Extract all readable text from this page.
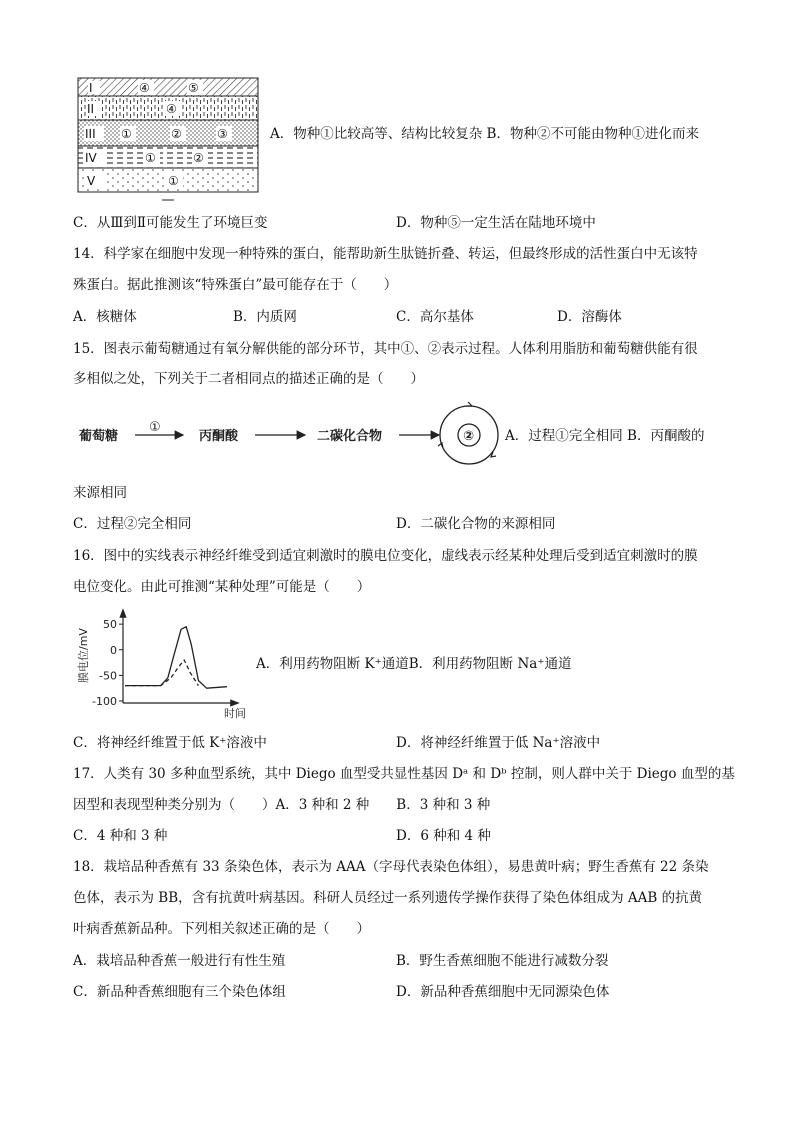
I	④	⑤
II	④
III ①	②	③
IV	①	②
V	①
A．物种①比较高等、结构比较复杂 B．物种②不可能由物种①进化而来
C．从Ⅲ到Ⅱ可能发生了环境巨变	D．物种⑤一定生活在陆地环境中
14．科学家在细胞中发现一种特殊的蛋白，能帮助新生肽链折叠、转运，但最终形成的活性蛋白中无该特
殊蛋白。据此推测该“特殊蛋白”最可能存在于（　　）
A．核糖体	B．内质网	C．高尔基体	D．溶酶体
15．图表示葡萄糖通过有氧分解供能的部分环节，其中①、②表示过程。人体利用脂肪和葡萄糖供能有很
多相似之处，下列关于二者相同点的描述正确的是（　　）
葡萄糖
①
丙酮酸	二碳化合物	② A．过程①完全相同 B．丙酮酸的
来源相同
C．过程②完全相同	D．二碳化合物的来源相同
16．图中的实线表示神经纤维受到适宜刺激时的膜电位变化，虚线表示经某种处理后受到适宜刺激时的膜
电位变化。由此可推测“某种处理”可能是（　　）
膜电位/mV
时间
50
0
-50
-100
A．利用药物阻断 K⁺通道B．利用药物阻断 Na⁺通道
C．将神经纤维置于低 K⁺溶液中	D．将神经纤维置于低 Na⁺溶液中
17．人类有 30 多种血型系统，其中 Diego 血型受共显性基因 Dᵃ 和 Dᵇ 控制，则人群中关于 Diego 血型的基
因型和表现型种类分别为（　　）A．3 种和 2 种　　B．3 种和 3 种
C．4 种和 3 种	D．6 种和 4 种
18．栽培品种香蕉有 33 条染色体，表示为 AAA（字母代表染色体组），易患黄叶病；野生香蕉有 22 条染
色体，表示为 BB，含有抗黄叶病基因。科研人员经过一系列遗传学操作获得了染色体组成为 AAB 的抗黄
叶病香蕉新品种。下列相关叙述正确的是（　　）
A．栽培品种香蕉一般进行有性生殖	B．野生香蕉细胞不能进行减数分裂
C．新品种香蕉细胞有三个染色体组	D．新品种香蕉细胞中无同源染色体
